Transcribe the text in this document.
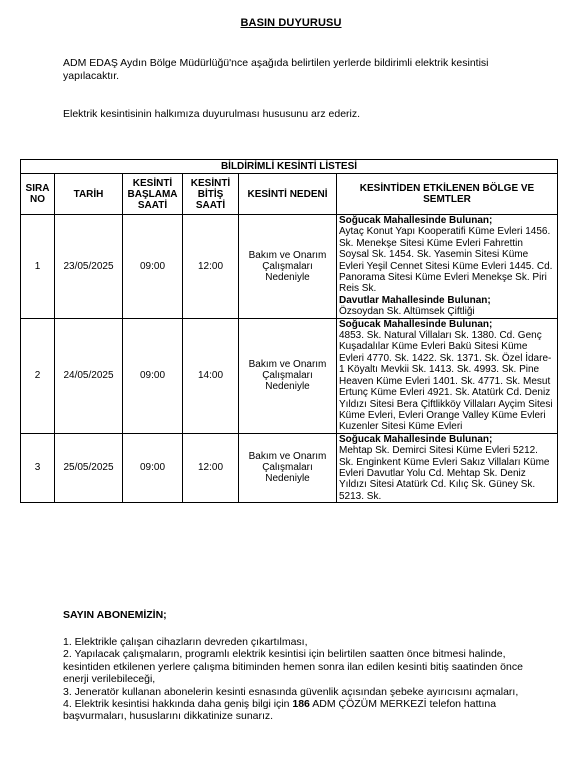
BASIN DUYURUSU
ADM EDAŞ Aydın Bölge Müdürlüğü'nce aşağıda belirtilen yerlerde bildirimli elektrik kesintisi yapılacaktır.
Elektrik kesintisinin halkımıza duyurulması hususunu arz ederiz.
BİLDİRİMLİ KESİNTİ LİSTESİ					
SIRA NO	TARİH	KESİNTİ BAŞLAMA SAATİ	KESİNTİ BİTİŞ SAATİ	KESİNTİ NEDENİ	KESİNTİDEN ETKİLENEN BÖLGE VE SEMTLER
1	23/05/2025	09:00	12:00	Bakım ve Onarım Çalışmaları Nedeniyle	Soğucak Mahallesinde Bulunan;
Aytaç Konut Yapı Kooperatifi Küme Evleri 1456. Sk. Menekşe Sitesi Küme Evleri Fahrettin Soysal Sk. 1454. Sk. Yasemin Sitesi Küme Evleri Yeşil Cennet Sitesi Küme Evleri 1445. Cd. Panorama Sitesi Küme Evleri Menekşe Sk. Piri Reis Sk.
Davutlar Mahallesinde Bulunan;
Özsoydan Sk. Altümsek Çiftliği

2	24/05/2025	09:00	14:00	Bakım ve Onarım Çalışmaları Nedeniyle	Soğucak Mahallesinde Bulunan;
4853. Sk. Natural Villaları Sk. 1380. Cd. Genç Kuşadalılar Küme Evleri Bakü Sitesi Küme Evleri 4770. Sk. 1422. Sk. 1371. Sk. Özel İdare-1 Köyaltı Mevkii Sk. 1413. Sk. 4993. Sk. Pine Heaven Küme Evleri 1401. Sk. 4771. Sk. Mesut Ertunç Küme Evleri 4921. Sk. Atatürk Cd. Deniz Yıldızı Sitesi Bera Çiftlikköy Villaları Ayçim Sitesi Küme Evleri, Evleri Orange Valley Küme Evleri Kuzenler Sitesi Küme Evleri

3	25/05/2025	09:00	12:00	Bakım ve Onarım Çalışmaları Nedeniyle	Soğucak Mahallesinde Bulunan;
Mehtap Sk. Demirci Sitesi Küme Evleri 5212. Sk. Enginkent Küme Evleri Sakız Villaları Küme Evleri Davutlar Yolu Cd. Mehtap Sk. Deniz Yıldızı Sitesi Atatürk Cd. Kılıç Sk. Güney Sk. 5213. Sk.
SAYIN ABONEMİZİN;

1. Elektrikle çalışan cihazların devreden çıkartılması,

2. Yapılacak çalışmaların, programlı elektrik kesintisi için belirtilen saatten önce bitmesi halinde, kesintiden etkilenen yerlere çalışma bitiminden hemen sonra ilan edilen kesinti bitiş saatinden önce enerji verilebileceği,

3. Jeneratör kullanan abonelerin kesinti esnasında güvenlik açısından şebeke ayırıcısını açmaları,

4. Elektrik kesintisi hakkında daha geniş bilgi için 186 ADM ÇÖZÜM MERKEZİ telefon hattına başvurmaları, hususlarını dikkatinize sunarız.
